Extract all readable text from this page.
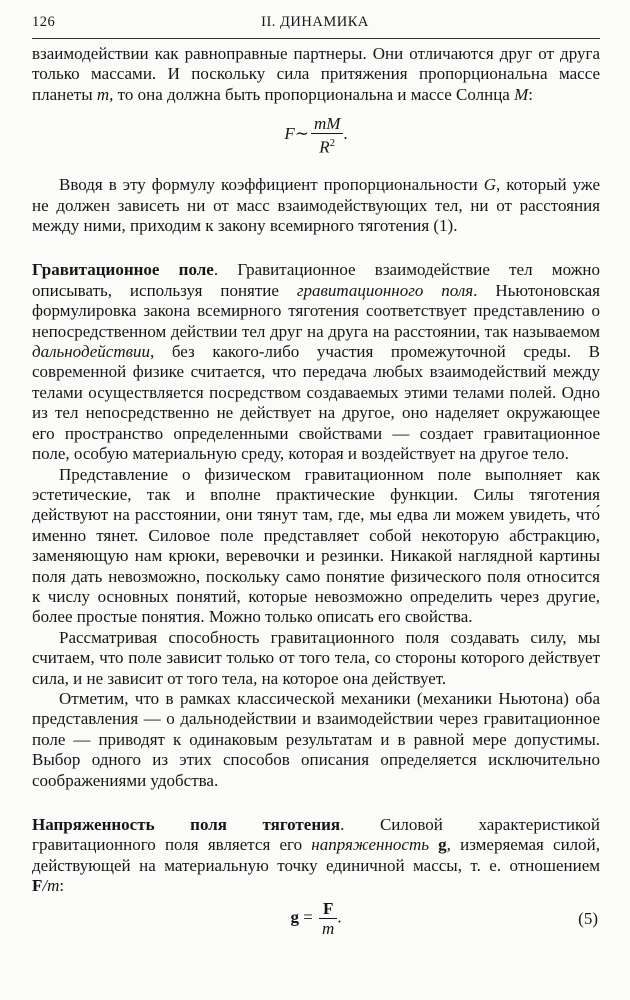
126	II. ДИНАМИКА

взаимодействии как равноправные партнеры. Они отличаются друг от друга только массами. И поскольку сила притяжения пропорциональна массе планеты m, то она должна быть пропорциональна и массе Солнца M:

F∼ $\frac{mM}{R^2}$ .

Вводя в эту формулу коэффициент пропорциональности G, который уже не должен зависеть ни от масс взаимодействующих тел, ни от расстояния между ними, приходим к закону всемирного тяготения (1).

Гравитационное поле. Гравитационное взаимодействие тел можно описывать, используя понятие гравитационного поля. Ньютоновская формулировка закона всемирного тяготения соответствует представлению о непосредственном действии тел друг на друга на расстоянии, так называемом дальнодействии, без какого-либо участия промежуточной среды. В современной физике считается, что передача любых взаимодействий между телами осуществляется посредством создаваемых этими телами полей. Одно из тел непосредственно не действует на другое, оно наделяет окружающее его пространство определенными свойствами — создает гравитационное поле, особую материальную среду, которая и воздействует на другое тело.

Представление о физическом гравитационном поле выполняет как эстетические, так и вполне практические функции. Силы тяготения действуют на расстоянии, они тянут там, где, мы едва ли можем увидеть, что́ именно тянет. Силовое поле представляет собой некоторую абстракцию, заменяющую нам крюки, веревочки и резинки. Никакой наглядной картины поля дать невозможно, поскольку само понятие физического поля относится к числу основных понятий, которые невозможно определить через другие, более простые понятия. Можно только описать его свойства.

Рассматривая способность гравитационного поля создавать силу, мы считаем, что поле зависит только от того тела, со стороны которого действует сила, и не зависит от того тела, на которое она действует.

Отметим, что в рамках классической механики (механики Ньютона) оба представления — о дальнодействии и взаимодействии через гравитационное поле — приводят к одинаковым результатам и в равной мере допустимы. Выбор одного из этих способов описания определяется исключительно соображениями удобства.

Напряженность поля тяготения. Силовой характеристикой гравитационного поля является его напряженность g, измеряемая силой, действующей на материальную точку единичной массы, т. е. отношением F/m:

$g = \frac{F}{m}$ .	(5)
